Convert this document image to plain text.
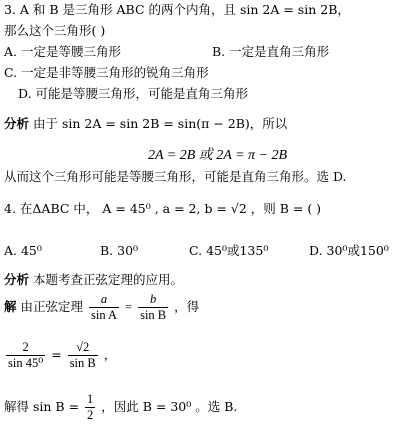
3. A 和 B 是三角形 ABC 的两个内角，且 sin 2A = sin 2B，
那么这个三角形( )
A. 一定是等腰三角形	B. 一定是直角三角形
C. 一定是非等腰三角形的锐角三角形
D. 可能是等腰三角形，可能是直角三角形
分析 由于 sin 2A = sin 2B = sin(π − 2B)，所以
2A = 2B 或 2A = π − 2B
从而这个三角形可能是等腰三角形，可能是直角三角形。选 D.
4. 在ΔABC 中， A = 45⁰ , a = 2, b = √2 ，则 B = ( )
A. 45⁰	B. 30⁰	C. 45⁰或135⁰	D. 30⁰或150⁰
分析 本题考查正弦定理的应用。
解 由正弦定理 $\frac{a}{\text{sin A}} = \frac{b}{\text{sin B}}$ ，得
$\frac{2}{\text{sin 45⁰}} = \frac{√2}{\text{sin B}}$ ，
解得 $\sin B = \frac{1}{2}$ ，因此 B = 30⁰ 。选 B.
